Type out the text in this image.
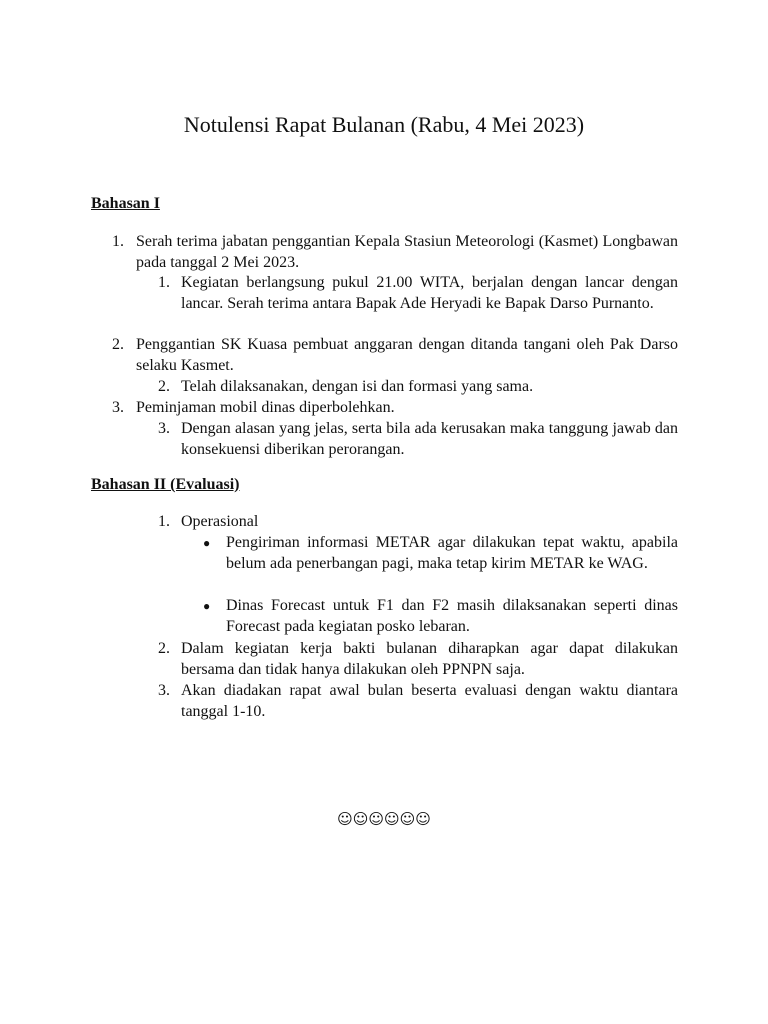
Notulensi Rapat Bulanan (Rabu, 4 Mei 2023)

Bahasan I

1. Serah terima jabatan penggantian Kepala Stasiun Meteorologi (Kasmet) Longbawan pada tanggal 2 Mei 2023.

1. Kegiatan berlangsung pukul 21.00 WITA, berjalan dengan lancar dengan lancar. Serah terima antara Bapak Ade Heryadi ke Bapak Darso Purnanto.

2. Penggantian SK Kuasa pembuat anggaran dengan ditanda tangani oleh Pak Darso selaku Kasmet.

2. Telah dilaksanakan, dengan isi dan formasi yang sama.

3. Peminjaman mobil dinas diperbolehkan.

3. Dengan alasan yang jelas, serta bila ada kerusakan maka tanggung jawab dan konsekuensi diberikan perorangan.

Bahasan II (Evaluasi)

1. Operasional

● Pengiriman informasi METAR agar dilakukan tepat waktu, apabila belum ada penerbangan pagi, maka tetap kirim METAR ke WAG.

● Dinas Forecast untuk F1 dan F2 masih dilaksanakan seperti dinas Forecast pada kegiatan posko lebaran.

2. Dalam kegiatan kerja bakti bulanan diharapkan agar dapat dilakukan bersama dan tidak hanya dilakukan oleh PPNPN saja.

3. Akan diadakan rapat awal bulan beserta evaluasi dengan waktu diantara tanggal 1-10.

☺☺☺☺☺☺
